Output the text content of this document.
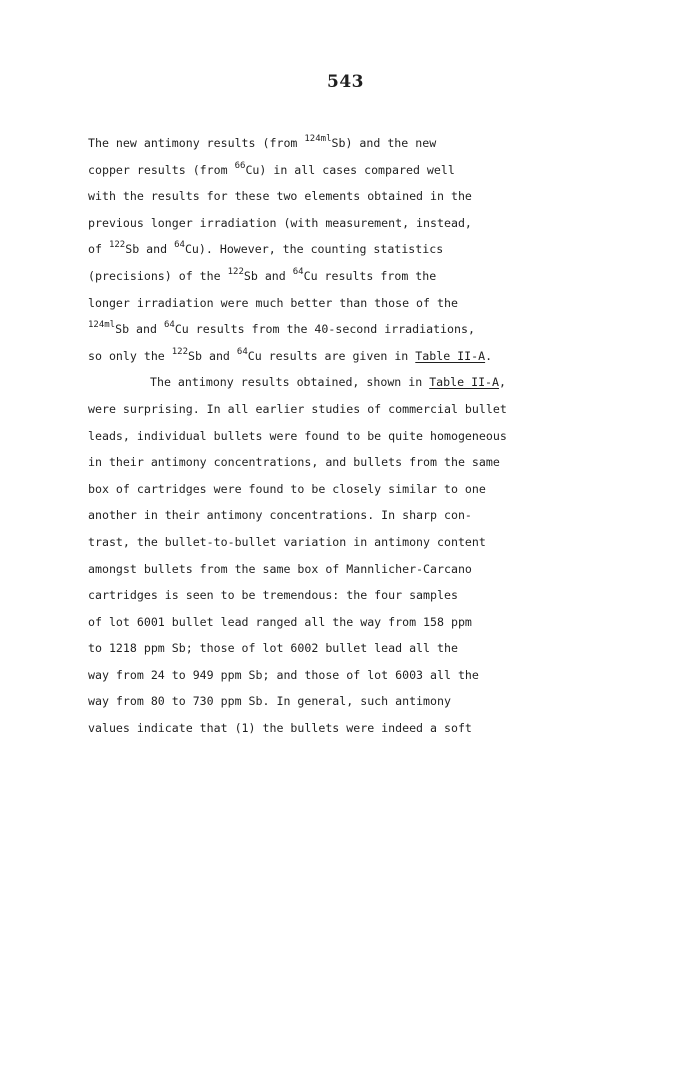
543
The new antimony results (from $^{124ml}$Sb) and the new
copper results (from $^{66}$Cu) in all cases compared well
with the results for these two elements obtained in the
previous longer irradiation (with measurement, instead,
of $^{122}$Sb and $^{64}$Cu). However, the counting statistics
(precisions) of the $^{122}$Sb and $^{64}$Cu results from the
longer irradiation were much better than those of the
$^{124ml}$Sb and $^{64}$Cu results from the 40-second irradiations,
so only the $^{122}$Sb and $^{64}$Cu results are given in Table II-A.
The antimony results obtained, shown in Table II-A,
were surprising. In all earlier studies of commercial bullet
leads, individual bullets were found to be quite homogeneous
in their antimony concentrations, and bullets from the same
box of cartridges were found to be closely similar to one
another in their antimony concentrations. In sharp con-
trast, the bullet-to-bullet variation in antimony content
amongst bullets from the same box of Mannlicher-Carcano
cartridges is seen to be tremendous: the four samples
of lot 6001 bullet lead ranged all the way from 158 ppm
to 1218 ppm Sb; those of lot 6002 bullet lead all the
way from 24 to 949 ppm Sb; and those of lot 6003 all the
way from 80 to 730 ppm Sb. In general, such antimony
values indicate that (1) the bullets were indeed a soft
